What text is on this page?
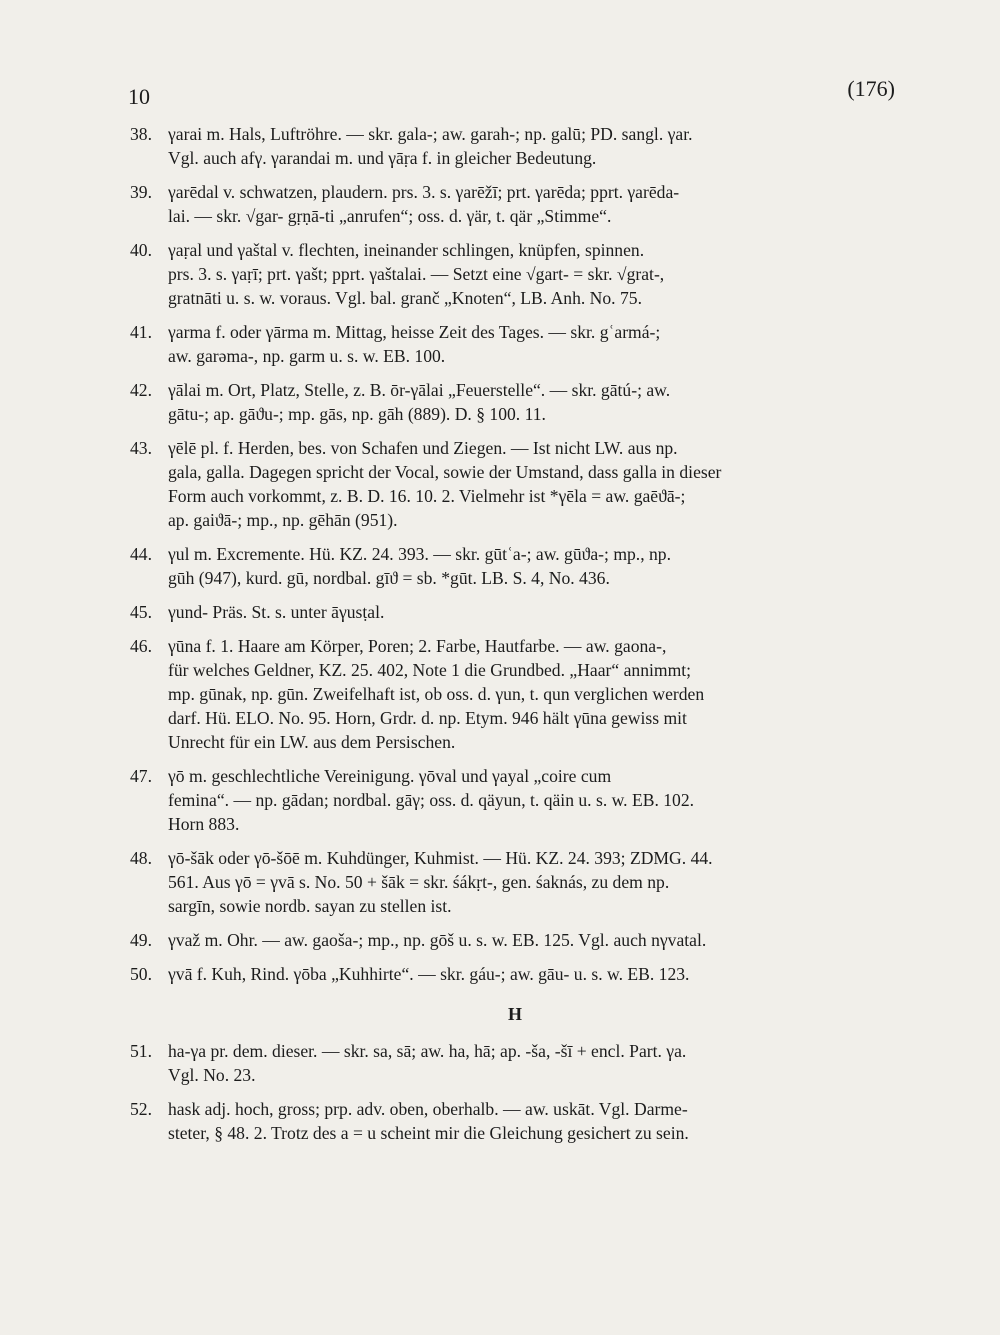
10	(176)
38. γarai m. Hals, Luftröhre. — skr. gala-; aw. garah-; np. galū; PD. sangl. γar.
Vgl. auch afγ. γarandai m. und γāṛa f. in gleicher Bedeutung.
39. γarēdal v. schwatzen, plaudern. prs. 3. s. γarēžī; prt. γarēda; pprt. γarēda-
lai. — skr. √gar- gṛṇā-ti „anrufen“; oss. d. γär, t. qär „Stimme“.
40. γaṛal und γaštal v. flechten, ineinander schlingen, knüpfen, spinnen.
prs. 3. s. γaṛī; prt. γašt; pprt. γaštalai. — Setzt eine √gart- = skr. √grat-,
gratnāti u. s. w. voraus. Vgl. bal. granč „Knoten“, LB. Anh. No. 75.
41. γarma f. oder γārma m. Mittag, heisse Zeit des Tages. — skr. gʿarmá-;
aw. garəma-, np. garm u. s. w. EB. 100.
42. γālai m. Ort, Platz, Stelle, z. B. ōr-γālai „Feuerstelle“. — skr. gātú-; aw.
gātu-; ap. gāϑu-; mp. gās, np. gāh (889). D. § 100. 11.
43. γēlē pl. f. Herden, bes. von Schafen und Ziegen. — Ist nicht LW. aus np.
gala, galla. Dagegen spricht der Vocal, sowie der Umstand, dass galla in dieser
Form auch vorkommt, z. B. D. 16. 10. 2. Vielmehr ist *γēla = aw. gaēϑā-;
ap. gaiϑā-; mp., np. gēhān (951).
44. γul m. Excremente. Hü. KZ. 24. 393. — skr. gūtʿa-; aw. gūϑa-; mp., np.
gūh (947), kurd. gū, nordbal. gīϑ = sb. *gūt. LB. S. 4, No. 436.
45. γund- Präs. St. s. unter āγusṭal.
46. γūna f. 1. Haare am Körper, Poren; 2. Farbe, Hautfarbe. — aw. gaona-,
für welches Geldner, KZ. 25. 402, Note 1 die Grundbed. „Haar“ annimmt;
mp. gūnak, np. gūn. Zweifelhaft ist, ob oss. d. γun, t. qun verglichen werden
darf. Hü. ELO. No. 95. Horn, Grdr. d. np. Etym. 946 hält γūna gewiss mit
Unrecht für ein LW. aus dem Persischen.
47. γō m. geschlechtliche Vereinigung. γōval und γayal „coire cum
femina“. — np. gādan; nordbal. gāγ; oss. d. qäyun, t. qäin u. s. w. EB. 102.
Horn 883.
48. γō-šāk oder γō-šōē m. Kuhdünger, Kuhmist. — Hü. KZ. 24. 393; ZDMG. 44.
561. Aus γō = γvā s. No. 50 + šāk = skr. śákṛt-, gen. śaknás, zu dem np.
sargīn, sowie nordb. sayan zu stellen ist.
49. γvaž m. Ohr. — aw. gaoša-; mp., np. gōš u. s. w. EB. 125. Vgl. auch nγvatal.
50. γvā f. Kuh, Rind. γōba „Kuhhirte“. — skr. gáu-; aw. gāu- u. s. w. EB. 123.
H
51. ha-γa pr. dem. dieser. — skr. sa, sā; aw. ha, hā; ap. -ša, -šī + encl. Part. γa.
Vgl. No. 23.
52. hask adj. hoch, gross; prp. adv. oben, oberhalb. — aw. uskāt. Vgl. Darme-
steter, § 48. 2. Trotz des a = u scheint mir die Gleichung gesichert zu sein.
